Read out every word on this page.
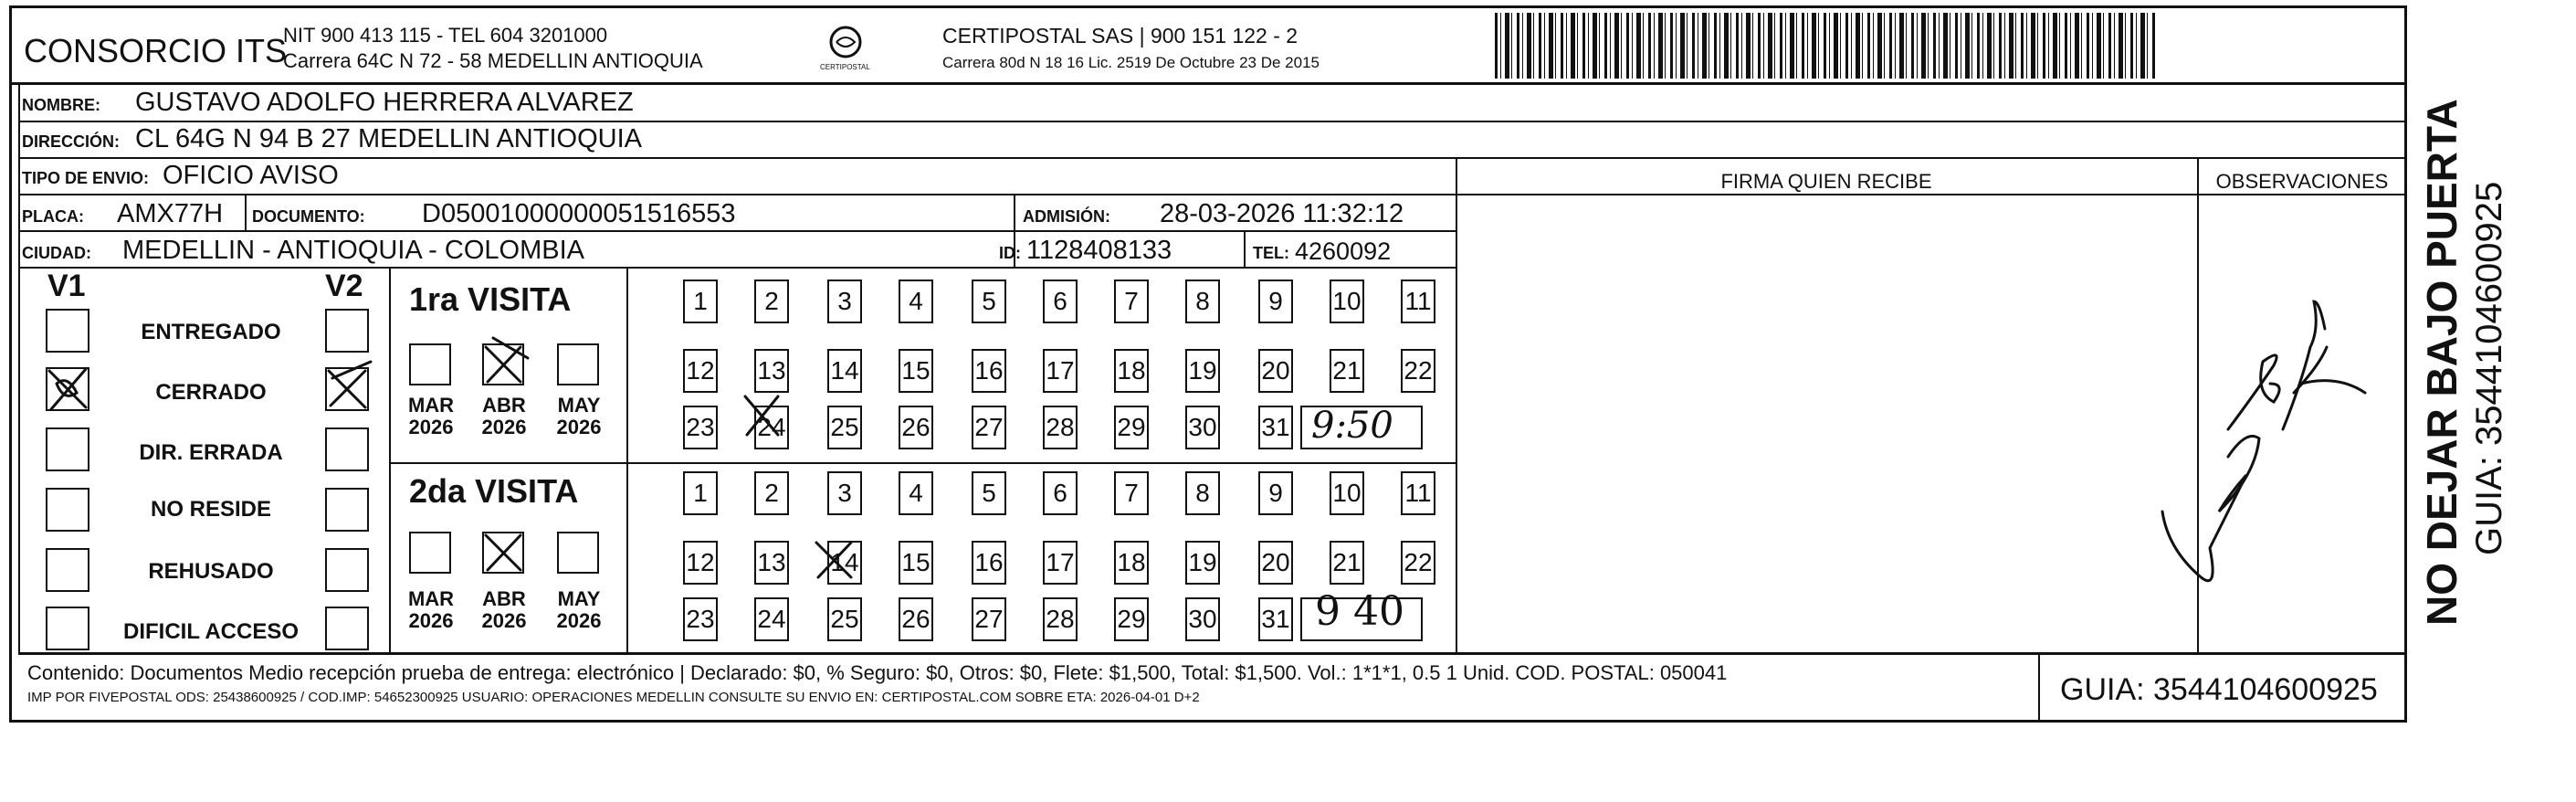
CONSORCIO ITS
NIT 900 413 115 - TEL 604 3201000
Carrera 64C N 72 - 58 MEDELLIN ANTIOQUIA	CERTIPOSTAL
CERTIPOSTAL SAS | 900 151 122 - 2
Carrera 80d N 18 16 Lic. 2519 De Octubre 23 De 2015
NOMBRE: GUSTAVO ADOLFO HERRERA ALVAREZ
DIRECCIÓN: CL 64G N 94 B 27 MEDELLIN ANTIOQUIA
TIPO DE ENVIO: OFICIO AVISO	FIRMA QUIEN RECIBE	OBSERVACIONES
PLACA: AMX77H DOCUMENTO: D05001000000051516553	ADMISIÓN: 28-03-2026 11:32:12
CIUDAD: MEDELLIN - ANTIOQUIA - COLOMBIA	ID: 1128408133	TEL: 4260092
V1	V2
ENTREGADO
CERRADO
DIR. ERRADA
NO RESIDE
REHUSADO
DIFICIL ACCESO
1ra VISITA
MAR
2026
ABR
2026
MAY
2026
2da VISITA
MAR
2026
ABR
2026
MAY
2026
1	2	3	4	5	6	7	8	9	10 11
12 13 14 15 16 17 18 19 20 21 22
23 24 25 26 27 28 29 30 31
1	2	3	4	5	6	7	8	9	10 11
12 13 14 15 16 17 18 19 20 21 22
23 24 25 26 27 28 29 30 31
9:50
9 40
Contenido: Documentos Medio recepción prueba de entrega: electrónico | Declarado: $0, % Seguro: $0, Otros: $0, Flete: $1,500, Total: $1,500. Vol.: 1*1*1, 0.5 1 Unid. COD. POSTAL: 050041
IMP POR FIVEPOSTAL ODS: 25438600925 / COD.IMP: 54652300925 USUARIO: OPERACIONES MEDELLIN CONSULTE SU ENVIO EN: CERTIPOSTAL.COM SOBRE ETA: 2026-04-01 D+2	GUIA: 3544104600925
NO DEJAR BAJO PUERTA GUIA: 3544104600925
